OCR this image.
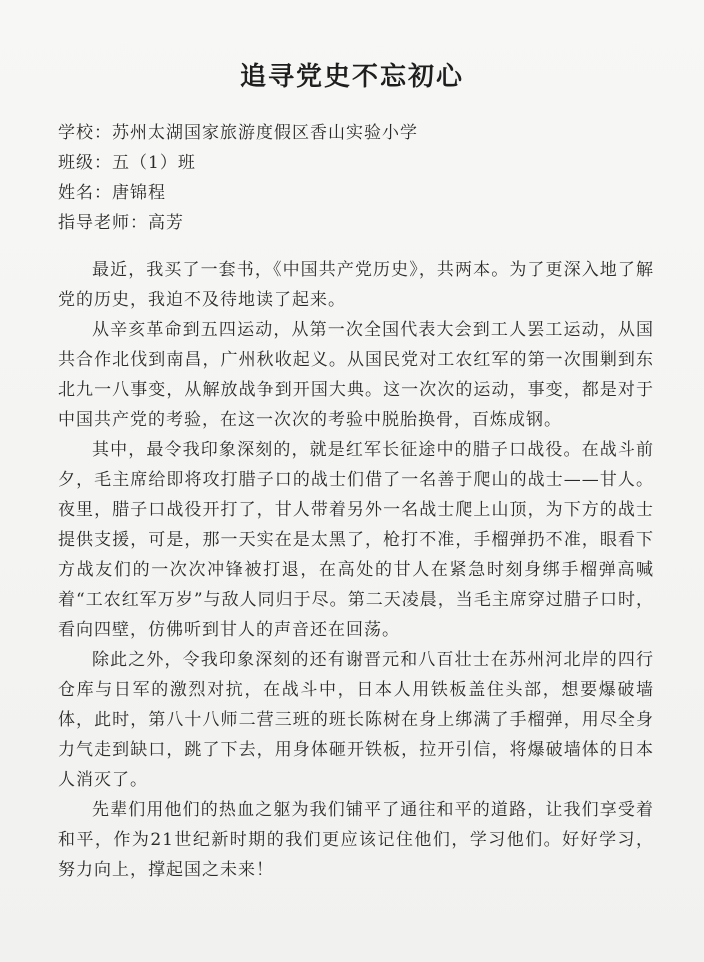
追寻党史不忘初心
学校：苏州太湖国家旅游度假区香山实验小学
班级：五（1）班
姓名：唐锦程
指导老师：高芳

最近，我买了一套书，《中国共产党历史》，共两本。为了更深入地了解党的历史，我迫不及待地读了起来。

从辛亥革命到五四运动，从第一次全国代表大会到工人罢工运动，从国共合作北伐到南昌，广州秋收起义。从国民党对工农红军的第一次围剿到东北九一八事变，从解放战争到开国大典。这一次次的运动，事变，都是对于中国共产党的考验，在这一次次的考验中脱胎换骨，百炼成钢。

其中，最令我印象深刻的，就是红军长征途中的腊子口战役。在战斗前夕，毛主席给即将攻打腊子口的战士们借了一名善于爬山的战士——甘人。夜里，腊子口战役开打了，甘人带着另外一名战士爬上山顶，为下方的战士提供支援，可是，那一天实在是太黑了，枪打不准，手榴弹扔不准，眼看下方战友们的一次次冲锋被打退，在高处的甘人在紧急时刻身绑手榴弹高喊着“工农红军万岁”与敌人同归于尽。第二天凌晨，当毛主席穿过腊子口时，看向四壁，仿佛听到甘人的声音还在回荡。

除此之外，令我印象深刻的还有谢晋元和八百壮士在苏州河北岸的四行仓库与日军的激烈对抗，在战斗中，日本人用铁板盖住头部，想要爆破墙体，此时，第八十八师二营三班的班长陈树在身上绑满了手榴弹，用尽全身力气走到缺口，跳了下去，用身体砸开铁板，拉开引信，将爆破墙体的日本人消灭了。

先辈们用他们的热血之躯为我们铺平了通往和平的道路，让我们享受着和平，作为21世纪新时期的我们更应该记住他们，学习他们。好好学习，努力向上，撑起国之未来！
